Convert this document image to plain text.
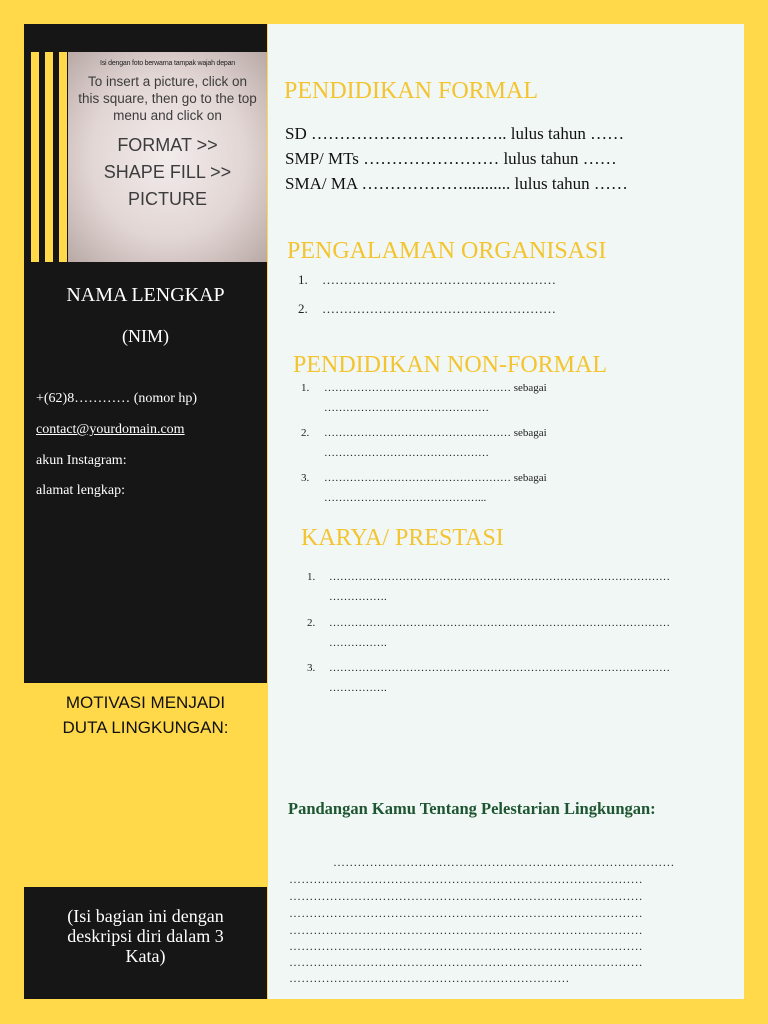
Isi dengan foto berwarna tampak wajah depan
To insert a picture, click on this square, then go to the top menu and click on
FORMAT >>
SHAPE FILL >>
PICTURE
NAMA LENGKAP
(NIM)
+(62)8………… (nomor hp)
contact@yourdomain.com
akun Instagram:
alamat lengkap:
MOTIVASI MENJADI
DUTA LINGKUNGAN:
(Isi bagian ini dengan deskripsi diri dalam 3 Kata)
PENDIDIKAN FORMAL
SD …………………………….. lulus tahun ……
SMP/ MTs …………………… lulus tahun ……
SMA/ MA ………………........... lulus tahun ……
PENGALAMAN ORGANISASI
1. ………………………………………………
2. ………………………………………………
PENDIDIKAN NON-FORMAL
1. …………………………………………… sebagai
………………………………………
2. …………………………………………… sebagai
………………………………………
3. …………………………………………… sebagai
……………………………………...
KARYA/ PRESTASI
1. …………………………………………………………………………………
…………….
2. …………………………………………………………………………………
…………….
3. …………………………………………………………………………………
…………….
Pandangan Kamu Tentang Pelestarian Lingkungan:
…………………………………………………………………………
……………………………………………………………………………
……………………………………………………………………………
……………………………………………………………………………
……………………………………………………………………………
……………………………………………………………………………
……………………………………………………………………………
……………………………………………………………
